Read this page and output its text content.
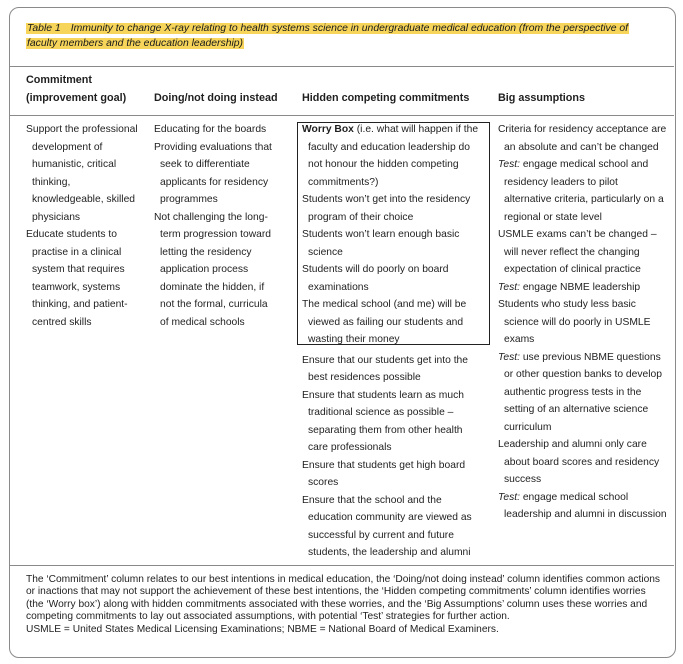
Table 1 Immunity to change X-ray relating to health systems science in undergraduate medical education (from the perspective of faculty members and the education leadership)
Commitment
(improvement goal)	Doing/not doing instead Hidden competing commitments	Big assumptions
Support the professional development of humanistic, critical thinking, knowledgeable, skilled physicians
Educate students to practise in a clinical system that requires teamwork, systems thinking, and patient-centred skills
Educating for the boards
Providing evaluations that seek to differentiate applicants for residency programmes
Not challenging the long-term progression toward letting the residency application process dominate the hidden, if not the formal, curricula of medical schools
Worry Box (i.e. what will happen if the faculty and education leadership do not honour the hidden competing commitments?)
Students won’t get into the residency program of their choice
Students won’t learn enough basic science
Students will do poorly on board examinations
The medical school (and me) will be viewed as failing our students and wasting their money
Ensure that our students get into the best residences possible
Ensure that students learn as much traditional science as possible – separating them from other health care professionals
Ensure that students get high board scores
Ensure that the school and the education community are viewed as successful by current and future students, the leadership and alumni
Criteria for residency acceptance are an absolute and can’t be changed
Test: engage medical school and residency leaders to pilot alternative criteria, particularly on a regional or state level
USMLE exams can’t be changed – will never reflect the changing expectation of clinical practice
Test: engage NBME leadership
Students who study less basic science will do poorly in USMLE exams
Test: use previous NBME questions or other question banks to develop authentic progress tests in the setting of an alternative science curriculum
Leadership and alumni only care about board scores and residency success
Test: engage medical school leadership and alumni in discussion
The ‘Commitment’ column relates to our best intentions in medical education, the ‘Doing/not doing instead’ column identifies common actions or inactions that may not support the achievement of these best intentions, the ‘Hidden competing commitments’ column identifies worries (the ‘Worry box’) along with hidden commitments associated with these worries, and the ‘Big Assumptions’ column uses these worries and competing commitments to lay out associated assumptions, with potential ‘Test’ strategies for further action.
USMLE = United States Medical Licensing Examinations; NBME = National Board of Medical Examiners.
